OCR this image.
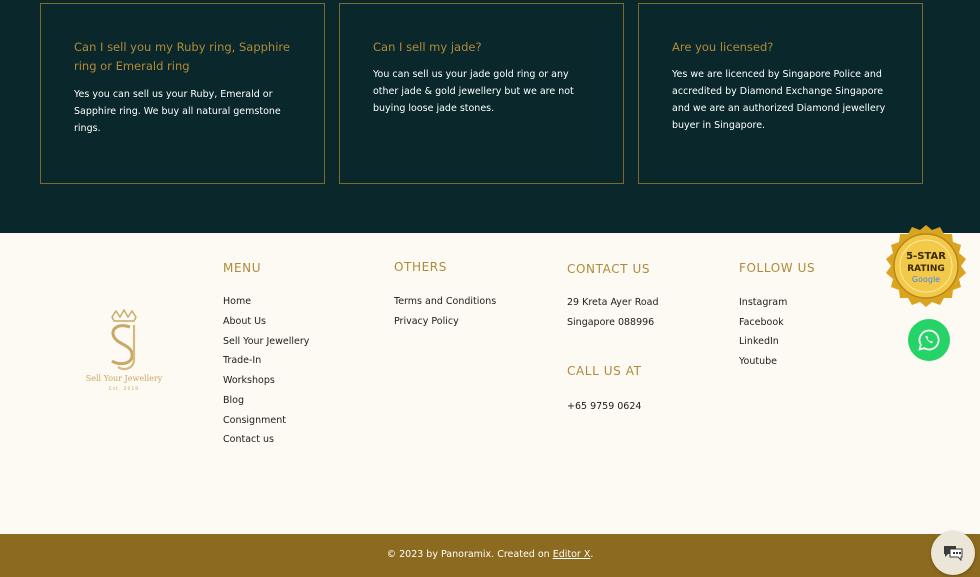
Can I sell you my Ruby ring, Sapphire ring or Emerald ring
Yes you can sell us your Ruby, Emerald or Sapphire ring. We buy all natural gemstone rings.
Can I sell my jade?
You can sell us your jade gold ring or any other jade & gold jewellery but we are not buying loose jade stones.
Are you licensed?
Yes we are licenced by Singapore Police and accredited by Diamond Exchange Singapore and we are an authorized Diamond jewellery buyer in Singapore.
Sell Your Jewellery
Est. 2019
MENU
Home
About Us
Sell Your Jewellery
Trade-In
Workshops
Blog
Consignment
Contact us
OTHERS
Terms and Conditions
Privacy Policy
CONTACT US
29 Kreta Ayer Road
Singapore 088996
CALL US AT
+65 9759 0624
FOLLOW US
Instagram
Facebook
LinkedIn
Youtube
5-STAR
RATING
Google
© 2023 by Panoramix. Created on Editor X.
